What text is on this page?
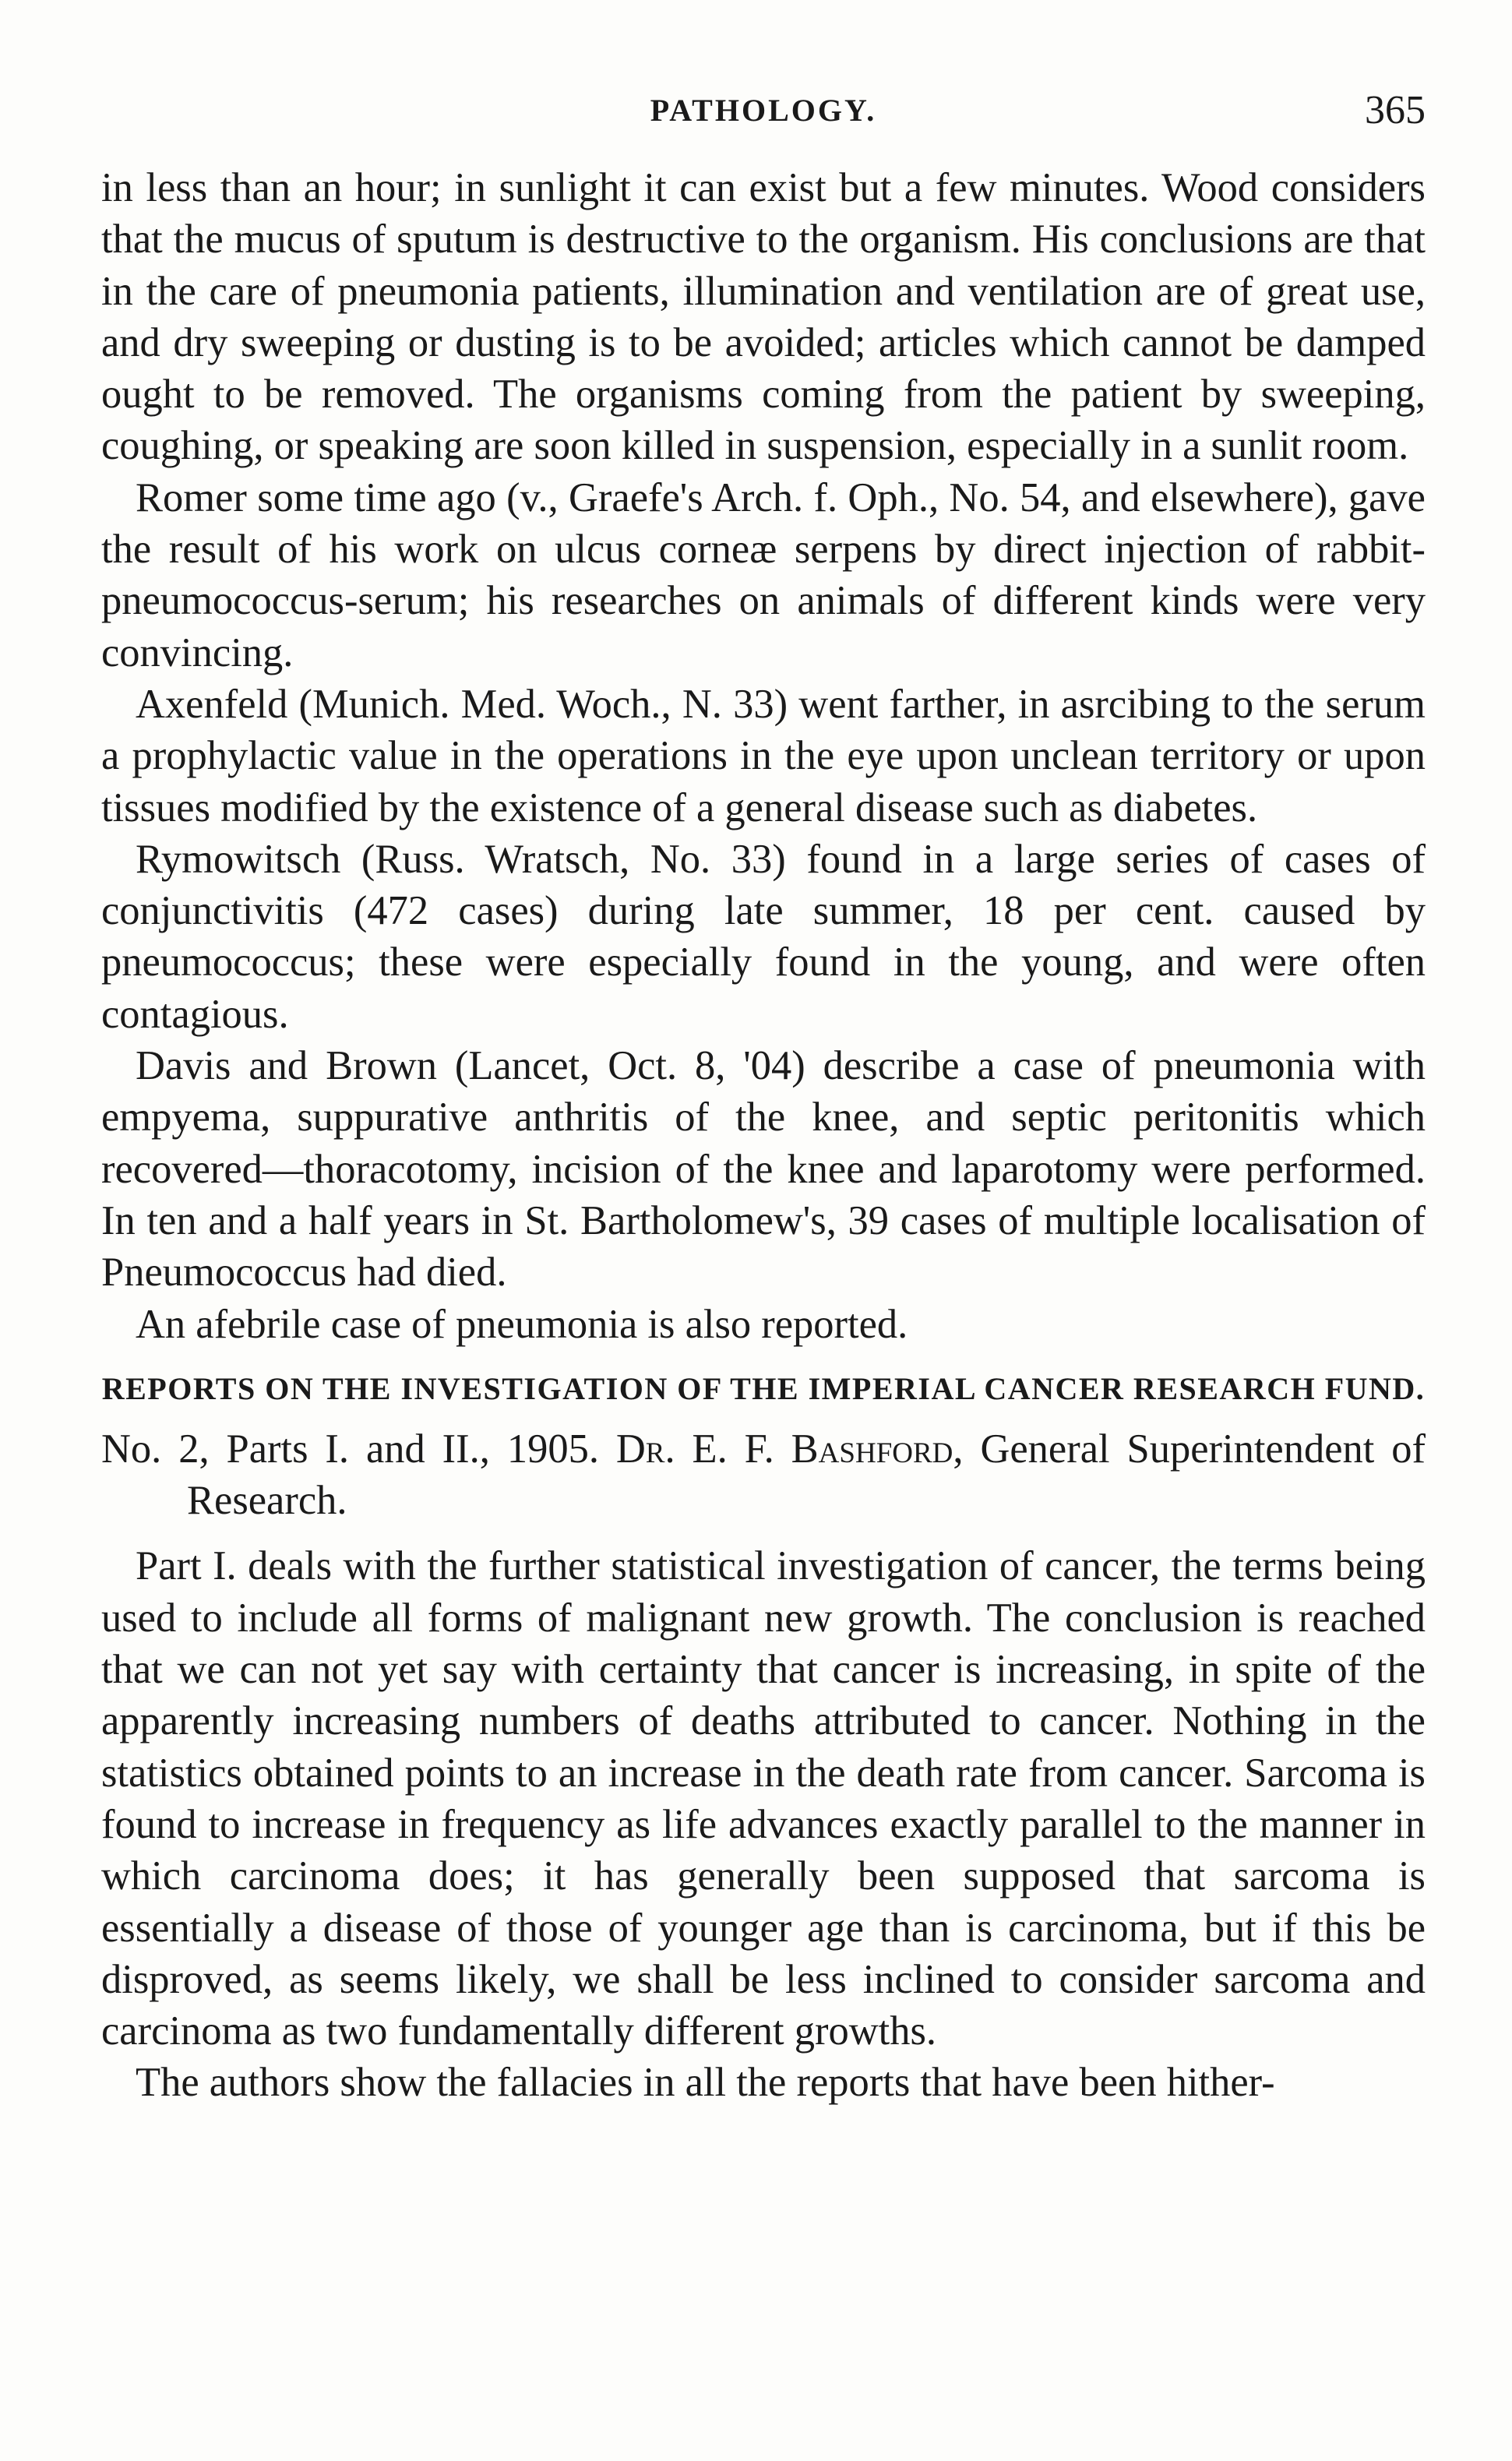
PATHOLOGY.	365

in less than an hour; in sunlight it can exist but a few minutes. Wood considers that the mucus of sputum is destructive to the organism. His conclusions are that in the care of pneumonia patients, illumination and ventilation are of great use, and dry sweeping or dusting is to be avoided; articles which cannot be damped ought to be removed. The organisms coming from the patient by sweeping, coughing, or speaking are soon killed in suspension, especially in a sunlit room.

Romer some time ago (v., Graefe's Arch. f. Oph., No. 54, and elsewhere), gave the result of his work on ulcus corneæ serpens by direct injection of rabbit-pneumococcus-serum; his researches on animals of different kinds were very convincing.

Axenfeld (Munich. Med. Woch., N. 33) went farther, in asrcibing to the serum a prophylactic value in the operations in the eye upon unclean territory or upon tissues modified by the existence of a general disease such as diabetes.

Rymowitsch (Russ. Wratsch, No. 33) found in a large series of cases of conjunctivitis (472 cases) during late summer, 18 per cent. caused by pneumococcus; these were especially found in the young, and were often contagious.

Davis and Brown (Lancet, Oct. 8, '04) describe a case of pneumonia with empyema, suppurative anthritis of the knee, and septic peritonitis which recovered—thoracotomy, incision of the knee and laparotomy were performed. In ten and a half years in St. Bartholomew's, 39 cases of multiple localisation of Pneumococcus had died.

An afebrile case of pneumonia is also reported.

REPORTS ON THE INVESTIGATION OF THE IMPERIAL CANCER RESEARCH FUND.

No. 2, Parts I. and II., 1905. Dr. E. F. Bashford, General Superintendent of Research.

Part I. deals with the further statistical investigation of cancer, the terms being used to include all forms of malignant new growth. The conclusion is reached that we can not yet say with certainty that cancer is increasing, in spite of the apparently increasing numbers of deaths attributed to cancer. Nothing in the statistics obtained points to an increase in the death rate from cancer. Sarcoma is found to increase in frequency as life advances exactly parallel to the manner in which carcinoma does; it has generally been supposed that sarcoma is essentially a disease of those of younger age than is carcinoma, but if this be disproved, as seems likely, we shall be less inclined to consider sarcoma and carcinoma as two fundamentally different growths.

The authors show the fallacies in all the reports that have been hither-
